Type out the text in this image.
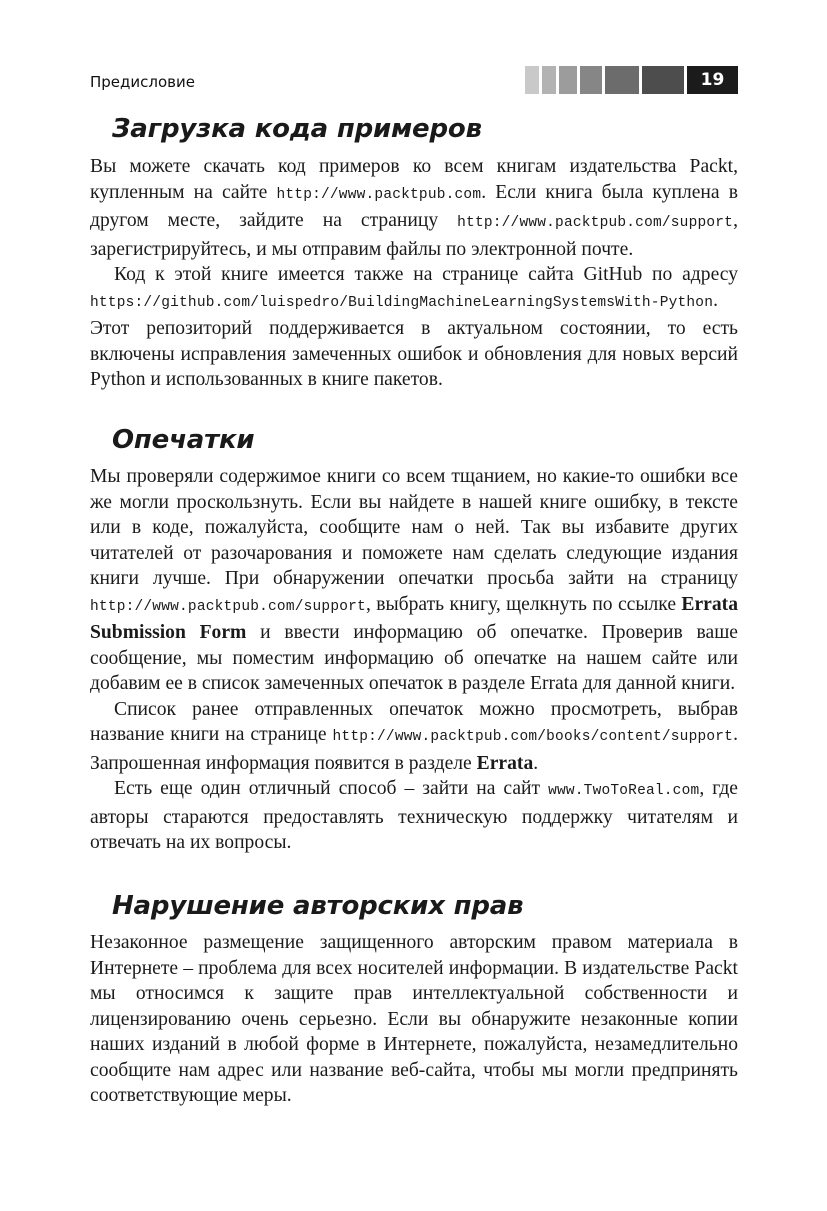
Предисловие	19
Загрузка кода примеров

Вы можете скачать код примеров ко всем книгам издательства Packt, купленным на сайте http://www.packtpub.com. Если книга была куплена в другом месте, зайдите на страницу http://www.packtpub.com/support, зарегистрируйтесь, и мы отправим файлы по электронной почте.

Код к этой книге имеется также на странице сайта GitHub по адресу https://github.com/luispedro/BuildingMachineLearningSystemsWith-Python. Этот репозиторий поддерживается в актуальном состоянии, то есть включены исправления замеченных ошибок и обновления для новых версий Python и использованных в книге пакетов.

Опечатки

Мы проверяли содержимое книги со всем тщанием, но какие-то ошибки все же могли проскользнуть. Если вы найдете в нашей книге ошибку, в тексте или в коде, пожалуйста, сообщите нам о ней. Так вы избавите других читателей от разочарования и поможете нам сделать следующие издания книги лучше. При обнаружении опечатки просьба зайти на страницу http://www.packtpub.com/support, выбрать книгу, щелкнуть по ссылке Errata Submission Form и ввести информацию об опечатке. Проверив ваше сообщение, мы поместим информацию об опечатке на нашем сайте или добавим ее в список замеченных опечаток в разделе Errata для данной книги.

Список ранее отправленных опечаток можно просмотреть, выбрав название книги на странице http://www.packtpub.com/books/content/support. Запрошенная информация появится в разделе Errata.

Есть еще один отличный способ – зайти на сайт www.TwoToReal.com, где авторы стараются предоставлять техническую поддержку читателям и отвечать на их вопросы.

Нарушение авторских прав

Незаконное размещение защищенного авторским правом материала в Интернете – проблема для всех носителей информации. В издательстве Packt мы относимся к защите прав интеллектуальной собственности и лицензированию очень серьезно. Если вы обнаружите незаконные копии наших изданий в любой форме в Интернете, пожалуйста, незамедлительно сообщите нам адрес или название веб-сайта, чтобы мы могли предпринять соответствующие меры.
